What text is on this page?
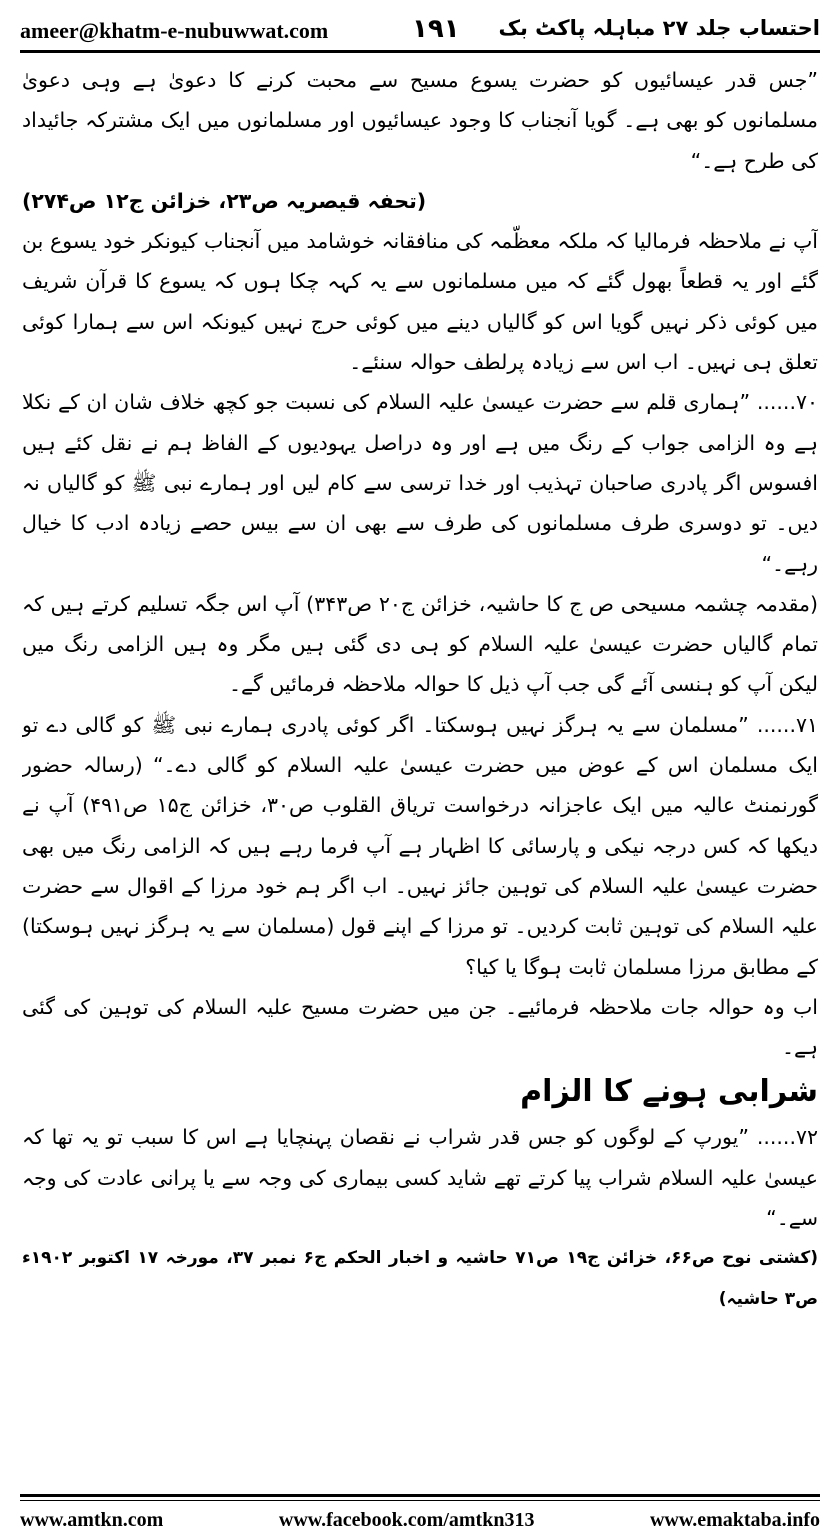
ameer@khatm-e-nubuwwat.com	۱۹۱ احتساب جلد ۲۷ مباہلہ پاکٹ بک

”جس قدر عیسائیوں کو حضرت یسوع مسیح سے محبت کرنے کا دعویٰ ہے وہی دعویٰ مسلمانوں کو بھی ہے۔ گویا آنجناب کا وجود عیسائیوں اور مسلمانوں میں ایک مشترکہ جائیداد کی طرح ہے۔“

(تحفہ قیصریہ ص۲۳، خزائن ج۱۲ ص۲۷۴)

آپ نے ملاحظہ فرمالیا کہ ملکہ معظّمہ کی منافقانہ خوشامد میں آنجناب کیونکر خود یسوع بن گئے اور یہ قطعاً بھول گئے کہ میں مسلمانوں سے یہ کہہ چکا ہوں کہ یسوع کا قرآن شریف میں کوئی ذکر نہیں گویا اس کو گالیاں دینے میں کوئی حرج نہیں کیونکہ اس سے ہمارا کوئی تعلق ہی نہیں۔ اب اس سے زیادہ پرلطف حوالہ سنئے۔

۷۰...... ”ہماری قلم سے حضرت عیسیٰ علیہ السلام کی نسبت جو کچھ خلاف شان ان کے نکلا ہے وہ الزامی جواب کے رنگ میں ہے اور وہ دراصل یہودیوں کے الفاظ ہم نے نقل کئے ہیں افسوس اگر پادری صاحبان تہذیب اور خدا ترسی سے کام لیں اور ہمارے نبی ﷺ کو گالیاں نہ دیں۔ تو دوسری طرف مسلمانوں کی طرف سے بھی ان سے بیس حصے زیادہ ادب کا خیال رہے۔“

(مقدمہ چشمہ مسیحی ص ج کا حاشیہ، خزائن ج۲۰ ص۳۴۳) آپ اس جگہ تسلیم کرتے ہیں کہ تمام گالیاں حضرت عیسیٰ علیہ السلام کو ہی دی گئی ہیں مگر وہ ہیں الزامی رنگ میں لیکن آپ کو ہنسی آئے گی جب آپ ذیل کا حوالہ ملاحظہ فرمائیں گے۔

۷۱...... ”مسلمان سے یہ ہرگز نہیں ہوسکتا۔ اگر کوئی پادری ہمارے نبی ﷺ کو گالی دے تو ایک مسلمان اس کے عوض میں حضرت عیسیٰ علیہ السلام کو گالی دے۔“ (رسالہ حضور گورنمنٹ عالیہ میں ایک عاجزانہ درخواست تریاق القلوب ص۳۰، خزائن ج۱۵ ص۴۹۱) آپ نے دیکھا کہ کس درجہ نیکی و پارسائی کا اظہار ہے آپ فرما رہے ہیں کہ الزامی رنگ میں بھی حضرت عیسیٰ علیہ السلام کی توہین جائز نہیں۔ اب اگر ہم خود مرزا کے اقوال سے حضرت علیہ السلام کی توہین ثابت کردیں۔ تو مرزا کے اپنے قول (مسلمان سے یہ ہرگز نہیں ہوسکتا) کے مطابق مرزا مسلمان ثابت ہوگا یا کیا؟

اب وہ حوالہ جات ملاحظہ فرمائیے۔ جن میں حضرت مسیح علیہ السلام کی توہین کی گئی ہے۔

شرابی ہونے کا الزام

۷۲...... ”یورپ کے لوگوں کو جس قدر شراب نے نقصان پہنچایا ہے اس کا سبب تو یہ تھا کہ عیسیٰ علیہ السلام شراب پیا کرتے تھے شاید کسی بیماری کی وجہ سے یا پرانی عادت کی وجہ سے۔“

(کشتی نوح ص۶۶، خزائن ج۱۹ ص۷۱ حاشیہ و اخبار الحکم ج۶ نمبر ۳۷، مورخہ ۱۷ اکتوبر ۱۹۰۲ء ص۳ حاشیہ)

www.amtkn.com	www.facebook.com/amtkn313	www.emaktaba.info
